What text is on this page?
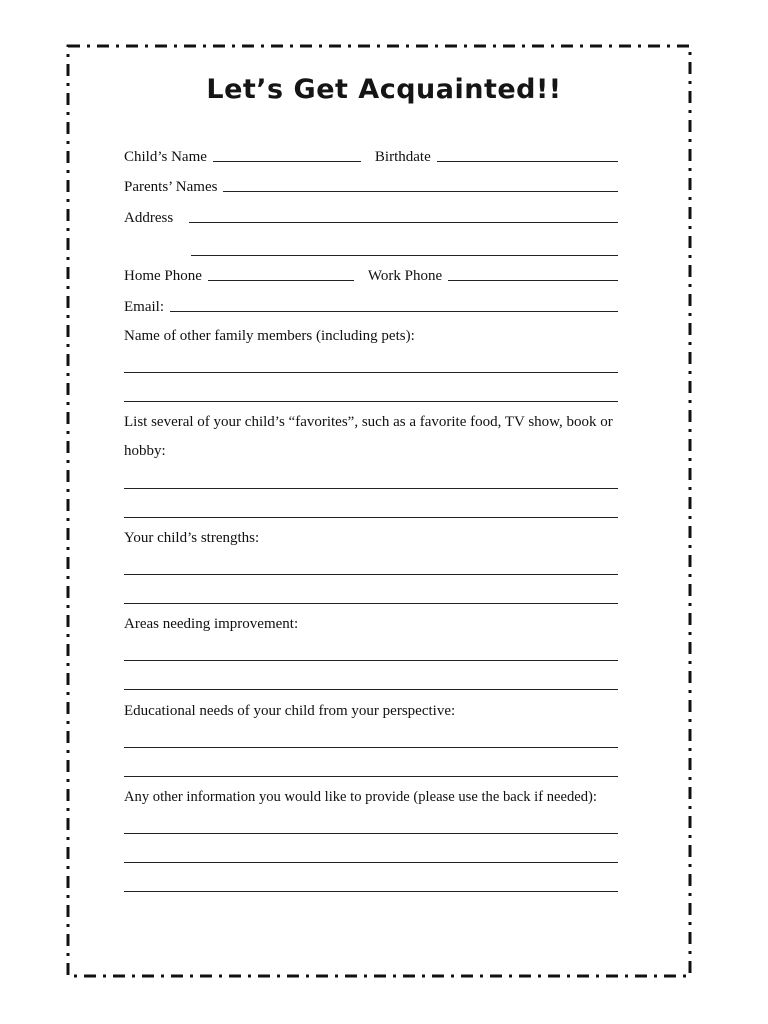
Let’s Get Acquainted!!
Child’s Name	Birthdate
Parents’ Names
Address
Home Phone	Work Phone
Email:
Name of other family members (including pets):
List several of your child’s “favorites”, such as a favorite food, TV show, book or hobby:
Your child’s strengths:
Areas needing improvement:
Educational needs of your child from your perspective:
Any other information you would like to provide (please use the back if needed):
